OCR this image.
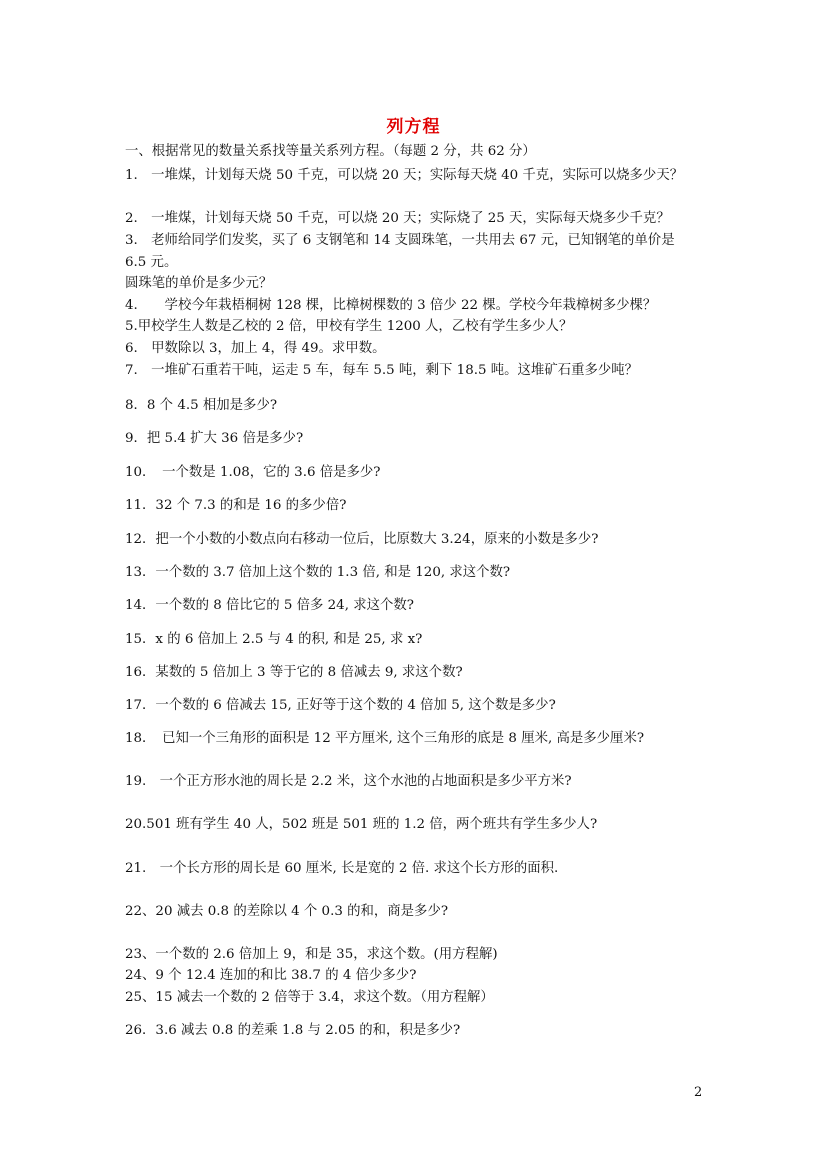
列方程
一、根据常见的数量关系找等量关系列方程。（每题 2 分，共 62 分）
1.　一堆煤，计划每天烧 50 千克，可以烧 20 天；实际每天烧 40 千克，实际可以烧多少天？
2.　一堆煤，计划每天烧 50 千克，可以烧 20 天；实际烧了 25 天，实际每天烧多少千克？
3.　老师给同学们发奖，买了 6 支钢笔和 14 支圆珠笔，一共用去 67 元，已知钢笔的单价是
6.5 元。
圆珠笔的单价是多少元？
4.　　学校今年栽梧桐树 128 棵，比樟树棵数的 3 倍少 22 棵。学校今年栽樟树多少棵？
5.甲校学生人数是乙校的 2 倍，甲校有学生 1200 人，乙校有学生多少人？
6.　甲数除以 3，加上 4，得 49。求甲数。
7.　一堆矿石重若干吨，运走 5 车，每车 5.5 吨，剩下 18.5 吨。这堆矿石重多少吨？
8．8 个 4.5 相加是多少?
9．把 5.4 扩大 36 倍是多少?
10．　一个数是 1.08，它的 3.6 倍是多少?
11．32 个 7.3 的和是 16 的多少倍?
12．把一个小数的小数点向右移动一位后，比原数大 3.24，原来的小数是多少?
13．一个数的 3.7 倍加上这个数的 1.3 倍, 和是 120, 求这个数?
14．一个数的 8 倍比它的 5 倍多 24, 求这个数?
15．x 的 6 倍加上 2.5 与 4 的积, 和是 25, 求 x?
16．某数的 5 倍加上 3 等于它的 8 倍减去 9, 求这个数?
17．一个数的 6 倍减去 15, 正好等于这个数的 4 倍加 5, 这个数是多少?
18．　已知一个三角形的面积是 12 平方厘米, 这个三角形的底是 8 厘米, 高是多少厘米?
19.　一个正方形水池的周长是 2.2 米，这个水池的占地面积是多少平方米?
20.501 班有学生 40 人，502 班是 501 班的 1.2 倍，两个班共有学生多少人?
21.　一个长方形的周长是 60 厘米, 长是宽的 2 倍. 求这个长方形的面积.
22、20 减去 0.8 的差除以 4 个 0.3 的和，商是多少?
23、一个数的 2.6 倍加上 9，和是 35，求这个数。(用方程解)
24、9 个 12.4 连加的和比 38.7 的 4 倍少多少?
25、15 减去一个数的 2 倍等于 3.4，求这个数。（用方程解）
26．3.6 减去 0.8 的差乘 1.8 与 2.05 的和，积是多少?
2
